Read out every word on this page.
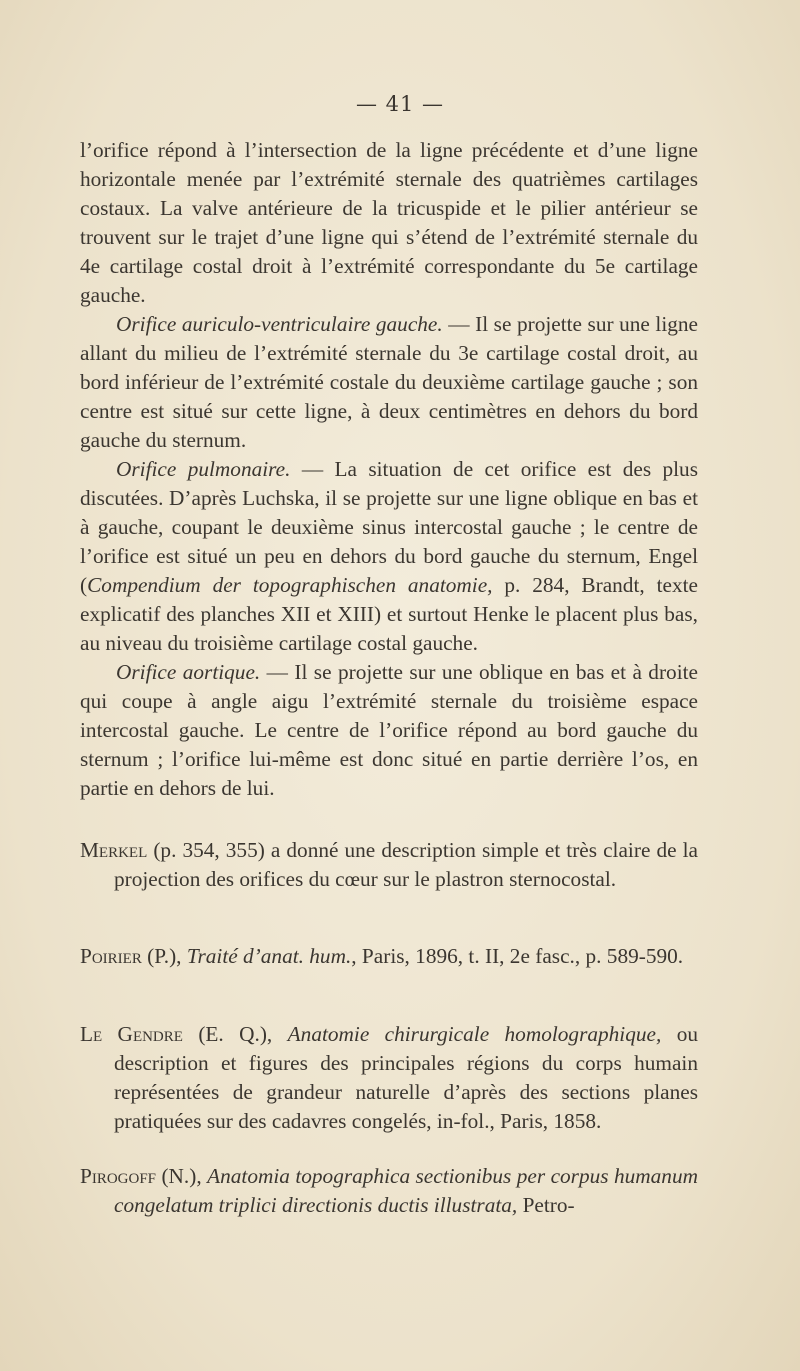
— 41 —

l’orifice répond à l’intersection de la ligne précédente et d’une ligne horizontale menée par l’extrémité sternale des quatrièmes cartilages costaux. La valve antérieure de la tricuspide et le pilier antérieur se trouvent sur le trajet d’une ligne qui s’étend de l’extrémité sternale du 4e cartilage costal droit à l’extrémité correspondante du 5e cartilage gauche.

Orifice auriculo-ventriculaire gauche. — Il se projette sur une ligne allant du milieu de l’extrémité sternale du 3e cartilage costal droit, au bord inférieur de l’extrémité costale du deuxième cartilage gauche ; son centre est situé sur cette ligne, à deux centimètres en dehors du bord gauche du sternum.

Orifice pulmonaire. — La situation de cet orifice est des plus discutées. D’après Luchska, il se projette sur une ligne oblique en bas et à gauche, coupant le deuxième sinus intercostal gauche ; le centre de l’orifice est situé un peu en dehors du bord gauche du sternum, Engel (Compendium der topographischen anatomie, p. 284, Brandt, texte explicatif des planches XII et XIII) et surtout Henke le placent plus bas, au niveau du troisième cartilage costal gauche.

Orifice aortique. — Il se projette sur une oblique en bas et à droite qui coupe à angle aigu l’extrémité sternale du troisième espace intercostal gauche. Le centre de l’orifice répond au bord gauche du sternum ; l’orifice lui-même est donc situé en partie derrière l’os, en partie en dehors de lui.

Merkel (p. 354, 355) a donné une description simple et très claire de la projection des orifices du cœur sur le plastron sternocostal.
Poirier (P.), Traité d’anat. hum., Paris, 1896, t. II, 2e fasc., p. 589-590.
Le Gendre (E. Q.), Anatomie chirurgicale homolographique, ou description et figures des principales régions du corps humain représentées de grandeur naturelle d’après des sections planes pratiquées sur des cadavres congelés, in-fol., Paris, 1858.
Pirogoff (N.), Anatomia topographica sectionibus per corpus humanum congelatum triplici directionis ductis illustrata, Petro-
